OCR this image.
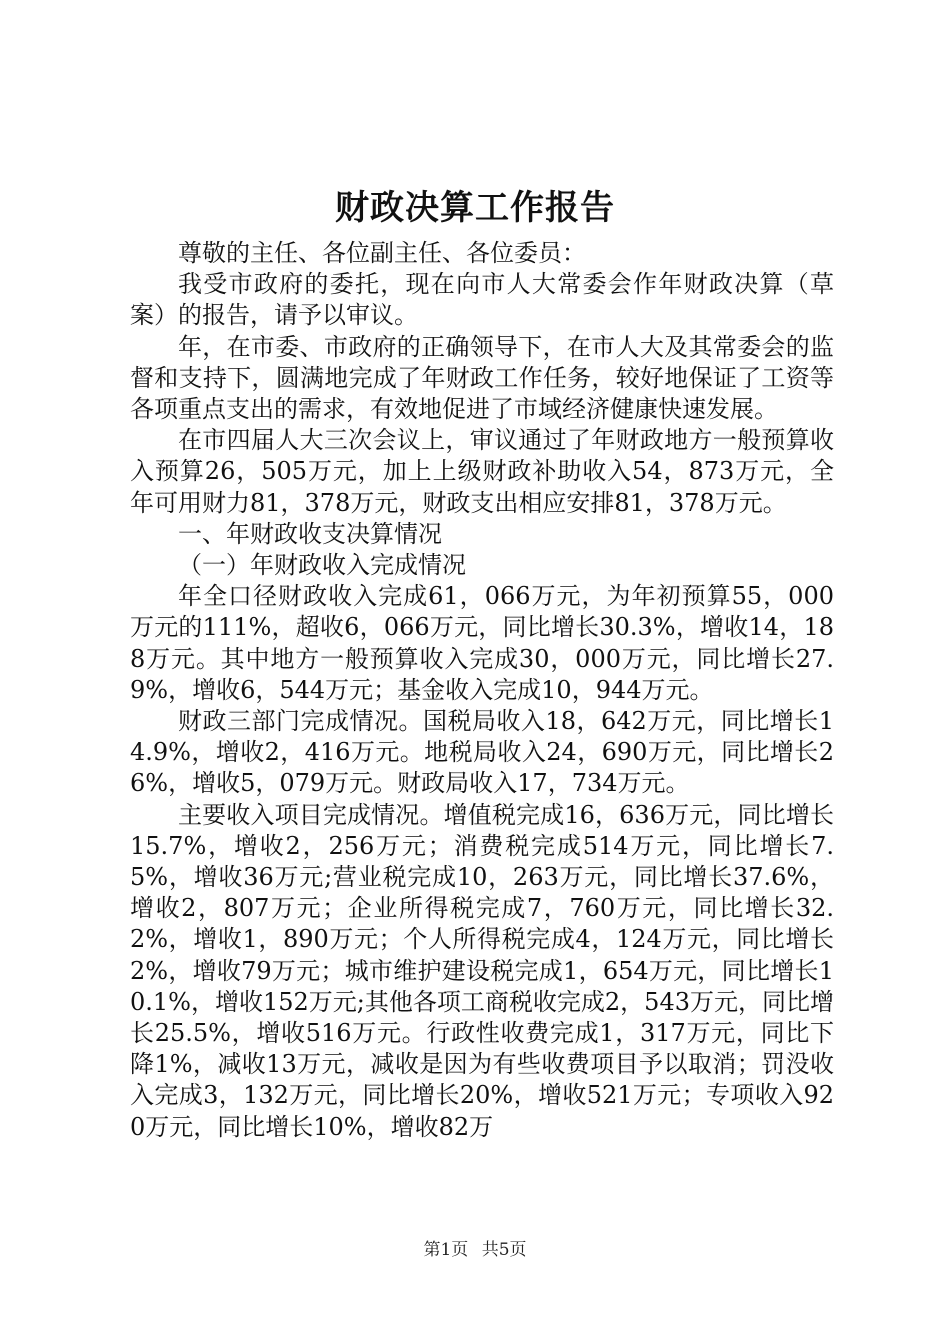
财政决算工作报告

尊敬的主任、各位副主任、各位委员：

我受市政府的委托，现在向市人大常委会作年财政决算（草案）的报告，请予以审议。

年，在市委、市政府的正确领导下，在市人大及其常委会的监督和支持下，圆满地完成了年财政工作任务，较好地保证了工资等各项重点支出的需求，有效地促进了市域经济健康快速发展。

在市四届人大三次会议上，审议通过了年财政地方一般预算收入预算26，505万元，加上上级财政补助收入54，873万元，全年可用财力81，378万元，财政支出相应安排81，378万元。

一、年财政收支决算情况

（一）年财政收入完成情况

年全口径财政收入完成61，066万元，为年初预算55，000万元的111%，超收6，066万元，同比增长30.3%，增收14，188万元。其中地方一般预算收入完成30，000万元，同比增长27.9%，增收6，544万元；基金收入完成10，944万元。

财政三部门完成情况。国税局收入18，642万元，同比增长14.9%，增收2，416万元。地税局收入24，690万元，同比增长26%，增收5，079万元。财政局收入17，734万元。

主要收入项目完成情况。增值税完成16，636万元，同比增长15.7%，增收2，256万元；消费税完成514万元，同比增长7.5%，增收36万元;营业税完成10，263万元，同比增长37.6%，增收2，807万元；企业所得税完成7，760万元，同比增长32.2%，增收1，890万元；个人所得税完成4，124万元，同比增长2%，增收79万元；城市维护建设税完成1，654万元，同比增长10.1%，增收152万元;其他各项工商税收完成2，543万元，同比增长25.5%，增收516万元。行政性收费完成1，317万元，同比下降1%，减收13万元，减收是因为有些收费项目予以取消；罚没收入完成3，132万元，同比增长20%，增收521万元；专项收入920万元，同比增长10%，增收82万

第1页 共5页
